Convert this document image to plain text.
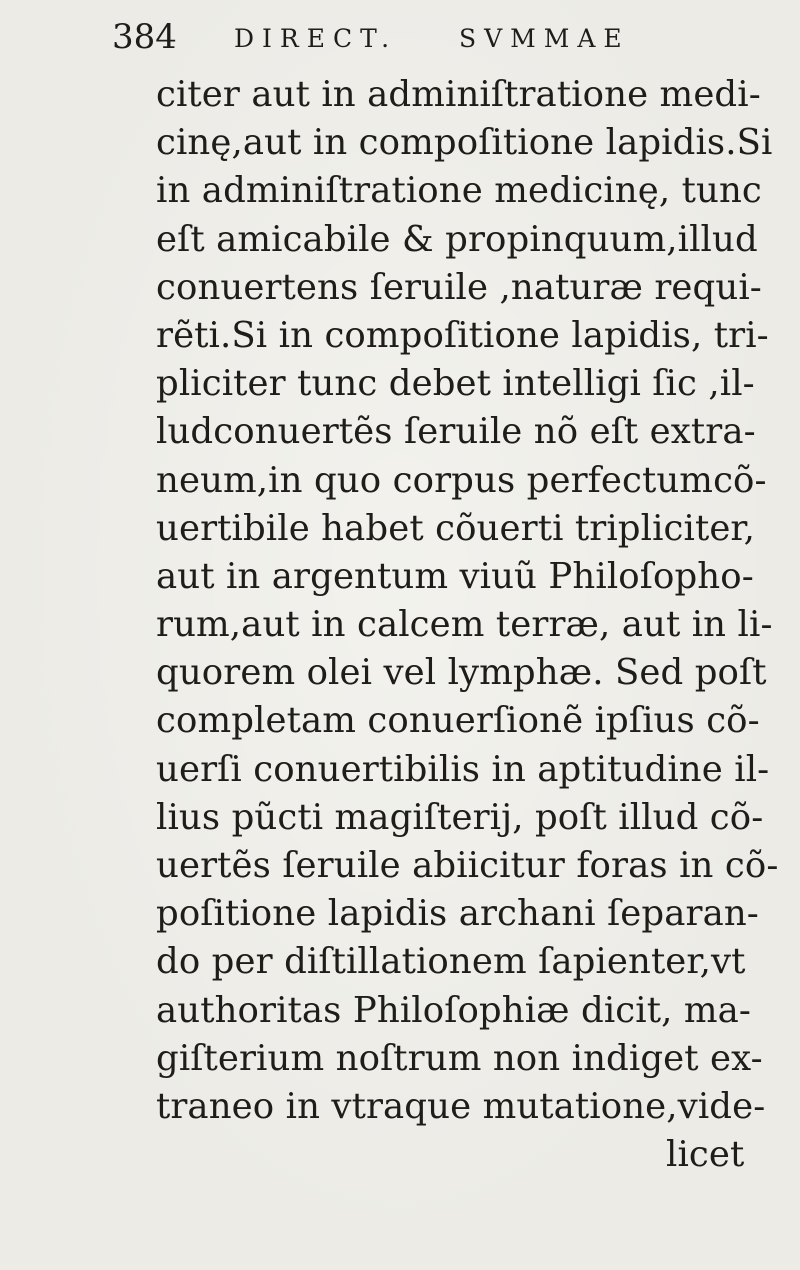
384 DIRECT. SVMMAE
citer aut in adminiſtratione medi-
cinę,aut in compoſitione lapidis.Si
in adminiſtratione medicinę, tunc
eſt amicabile & propinquum,illud
conuertens ſeruile ,naturæ requi-
rẽti.Si in compoſitione lapidis, tri-
pliciter tunc debet intelligi ſic ,il-
ludconuertẽs ſeruile nõ eſt extra-
neum,in quo corpus perfectumcõ-
uertibile habet cõuerti tripliciter,
aut in argentum viuũ Philoſopho-
rum,aut in calcem terræ, aut in li-
quorem olei vel lymphæ. Sed poſt
completam conuerſionẽ ipſius cõ-
uerſi conuertibilis in aptitudine il-
lius pũcti magiſterij, poſt illud cõ-
uertẽs ſeruile abiicitur foras in cõ-
poſitione lapidis archani ſeparan-
do per diſtillationem ſapienter,vt
authoritas Philoſophiæ dicit, ma-
giſterium noſtrum non indiget ex-
traneo in vtraque mutatione,vide-
licet
